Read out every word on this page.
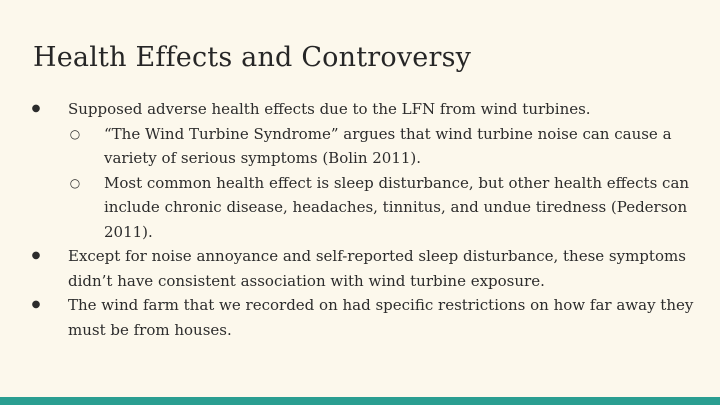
Health Effects and Controversy
● Supposed adverse health effects due to the LFN from wind turbines.
○ “The Wind Turbine Syndrome” argues that wind turbine noise can cause a variety of serious symptoms (Bolin 2011).
○ Most common health effect is sleep disturbance, but other health effects can include chronic disease, headaches, tinnitus, and undue tiredness (Pederson 2011).
● Except for noise annoyance and self-reported sleep disturbance, these symptoms didn’t have consistent association with wind turbine exposure.
● The wind farm that we recorded on had specific restrictions on how far away they must be from houses.
